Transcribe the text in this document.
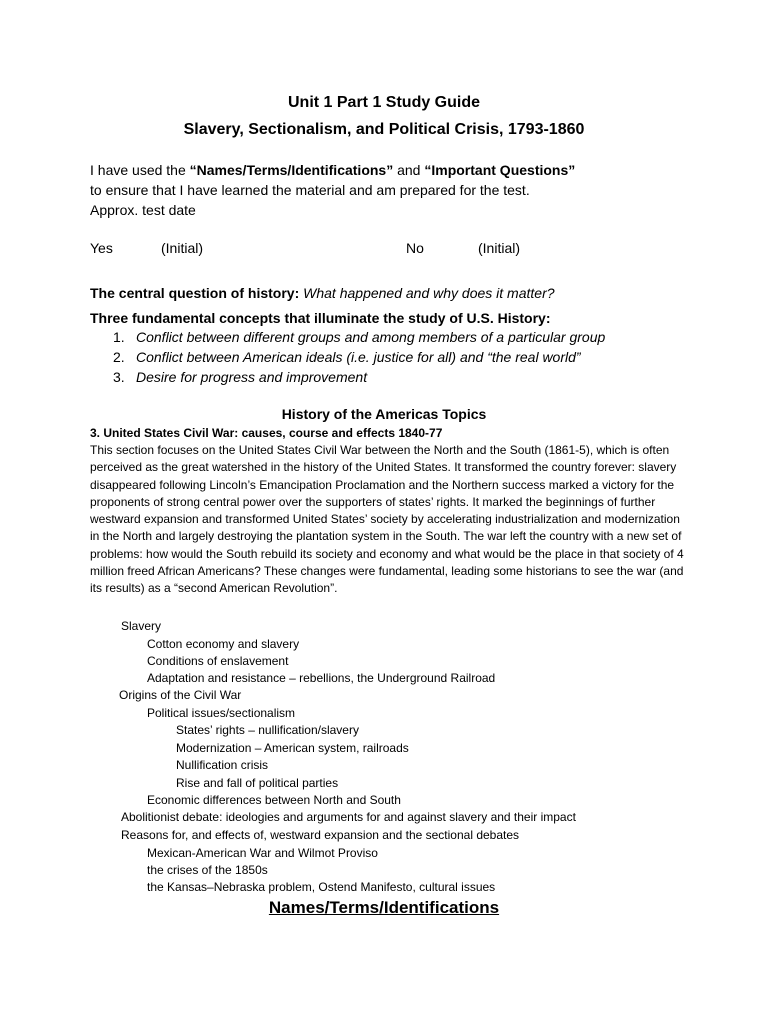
Unit 1 Part 1 Study Guide
Slavery, Sectionalism, and Political Crisis, 1793-1860
I have used the “Names/Terms/Identifications” and “Important Questions”
to ensure that I have learned the material and am prepared for the test.
Approx. test date
Yes	(Initial)	No	(Initial)
The central question of history: What happened and why does it matter?
Three fundamental concepts that illuminate the study of U.S. History:
1. Conflict between different groups and among members of a particular group
2. Conflict between American ideals (i.e. justice for all) and “the real world”
3. Desire for progress and improvement
History of the Americas Topics
3. United States Civil War: causes, course and effects 1840-77

This section focuses on the United States Civil War between the North and the South (1861-5), which is often perceived as the great watershed in the history of the United States. It transformed the country forever: slavery disappeared following Lincoln’s Emancipation Proclamation and the Northern success marked a victory for the proponents of strong central power over the supporters of states’ rights. It marked the beginnings of further westward expansion and transformed United States’ society by accelerating industrialization and modernization in the North and largely destroying the plantation system in the South. The war left the country with a new set of problems: how would the South rebuild its society and economy and what would be the place in that society of 4 million freed African Americans? These changes were fundamental, leading some historians to see the war (and its results) as a “second American Revolution”.

Slavery
Cotton economy and slavery
Conditions of enslavement
Adaptation and resistance – rebellions, the Underground Railroad
Origins of the Civil War
Political issues/sectionalism
States’ rights – nullification/slavery
Modernization – American system, railroads
Nullification crisis
Rise and fall of political parties
Economic differences between North and South
Abolitionist debate: ideologies and arguments for and against slavery and their impact
Reasons for, and effects of, westward expansion and the sectional debates
Mexican-American War and Wilmot Proviso
the crises of the 1850s
the Kansas–Nebraska problem, Ostend Manifesto, cultural issues
Names/Terms/Identifications
